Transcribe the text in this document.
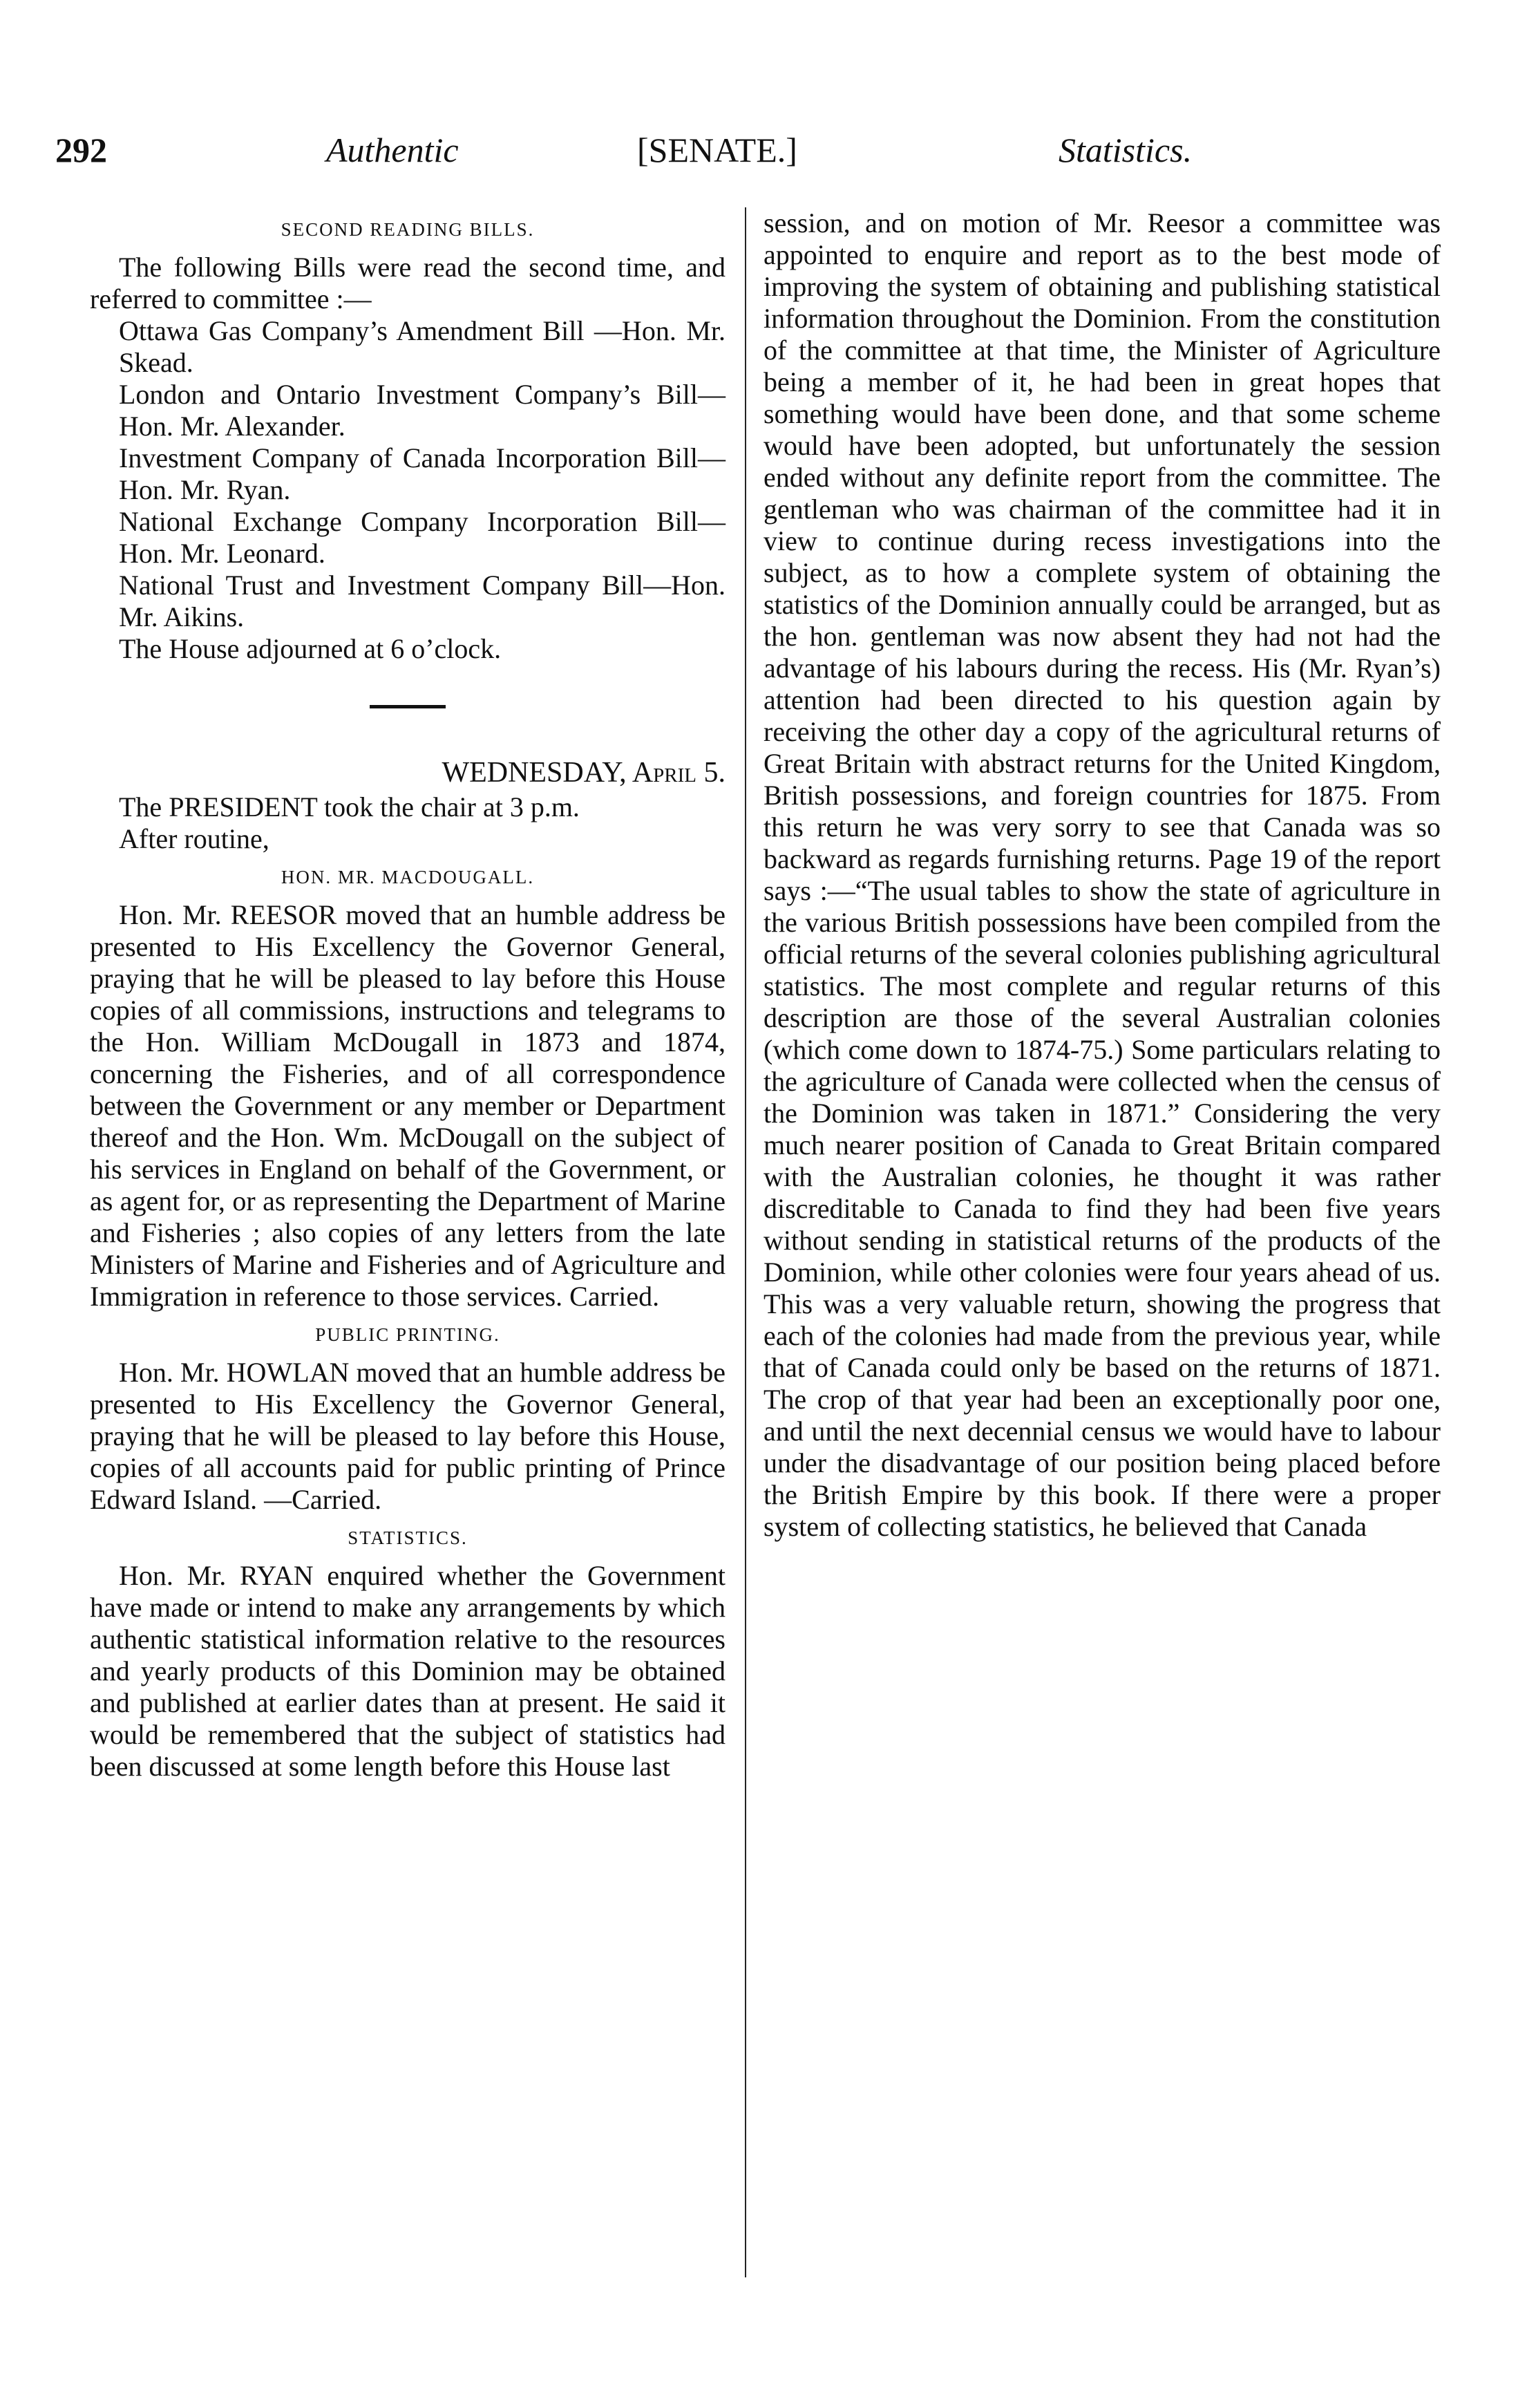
292	Authentic	[SENATE.]	Statistics.

SECOND READING BILLS.

The following Bills were read the second time, and referred to committee :—

Ottawa Gas Company’s Amendment Bill —Hon. Mr. Skead.

London and Ontario Investment Company’s Bill—Hon. Mr. Alexander.

Investment Company of Canada Incorporation Bill—Hon. Mr. Ryan.

National Exchange Company Incorporation Bill—Hon. Mr. Leonard.

National Trust and Investment Company Bill—Hon. Mr. Aikins.

The House adjourned at 6 o’clock.

WEDNESDAY, April 5.

The PRESIDENT took the chair at 3 p.m.

After routine,

HON. MR. MACDOUGALL.

Hon. Mr. REESOR moved that an humble address be presented to His Excellency the Governor General, praying that he will be pleased to lay before this House copies of all commissions, instructions and telegrams to the Hon. William McDougall in 1873 and 1874, concerning the Fisheries, and of all correspondence between the Government or any member or Department thereof and the Hon. Wm. McDougall on the subject of his services in England on behalf of the Government, or as agent for, or as representing the Department of Marine and Fisheries ; also copies of any letters from the late Ministers of Marine and Fisheries and of Agriculture and Immigration in reference to those services. Carried.

PUBLIC PRINTING.

Hon. Mr. HOWLAN moved that an humble address be presented to His Excellency the Governor General, praying that he will be pleased to lay before this House, copies of all accounts paid for public printing of Prince Edward Island. —Carried.

STATISTICS.

Hon. Mr. RYAN enquired whether the Government have made or intend to make any arrangements by which authentic statistical information relative to the resources and yearly products of this Dominion may be obtained and published at earlier dates than at present. He said it would be remembered that the subject of statistics had been discussed at some length before this House last

session, and on motion of Mr. Reesor a committee was appointed to enquire and report as to the best mode of improving the system of obtaining and publishing statistical information throughout the Dominion. From the constitution of the committee at that time, the Minister of Agriculture being a member of it, he had been in great hopes that something would have been done, and that some scheme would have been adopted, but unfortunately the session ended without any definite report from the committee. The gentleman who was chairman of the committee had it in view to continue during recess investigations into the subject, as to how a complete system of obtaining the statistics of the Dominion annually could be arranged, but as the hon. gentleman was now absent they had not had the advantage of his labours during the recess. His (Mr. Ryan’s) attention had been directed to his question again by receiving the other day a copy of the agricultural returns of Great Britain with abstract returns for the United Kingdom, British possessions, and foreign countries for 1875. From this return he was very sorry to see that Canada was so backward as regards furnishing returns. Page 19 of the report says :—“The usual tables to show the state of agriculture in the various British possessions have been compiled from the official returns of the several colonies publishing agricultural statistics. The most complete and regular returns of this description are those of the several Australian colonies (which come down to 1874-75.) Some particulars relating to the agriculture of Canada were collected when the census of the Dominion was taken in 1871.” Considering the very much nearer position of Canada to Great Britain compared with the Australian colonies, he thought it was rather discreditable to Canada to find they had been five years without sending in statistical returns of the products of the Dominion, while other colonies were four years ahead of us. This was a very valuable return, showing the progress that each of the colonies had made from the previous year, while that of Canada could only be based on the returns of 1871. The crop of that year had been an exceptionally poor one, and until the next decennial census we would have to labour under the disadvantage of our position being placed before the British Empire by this book. If there were a proper system of collecting statistics, he believed that Canada
